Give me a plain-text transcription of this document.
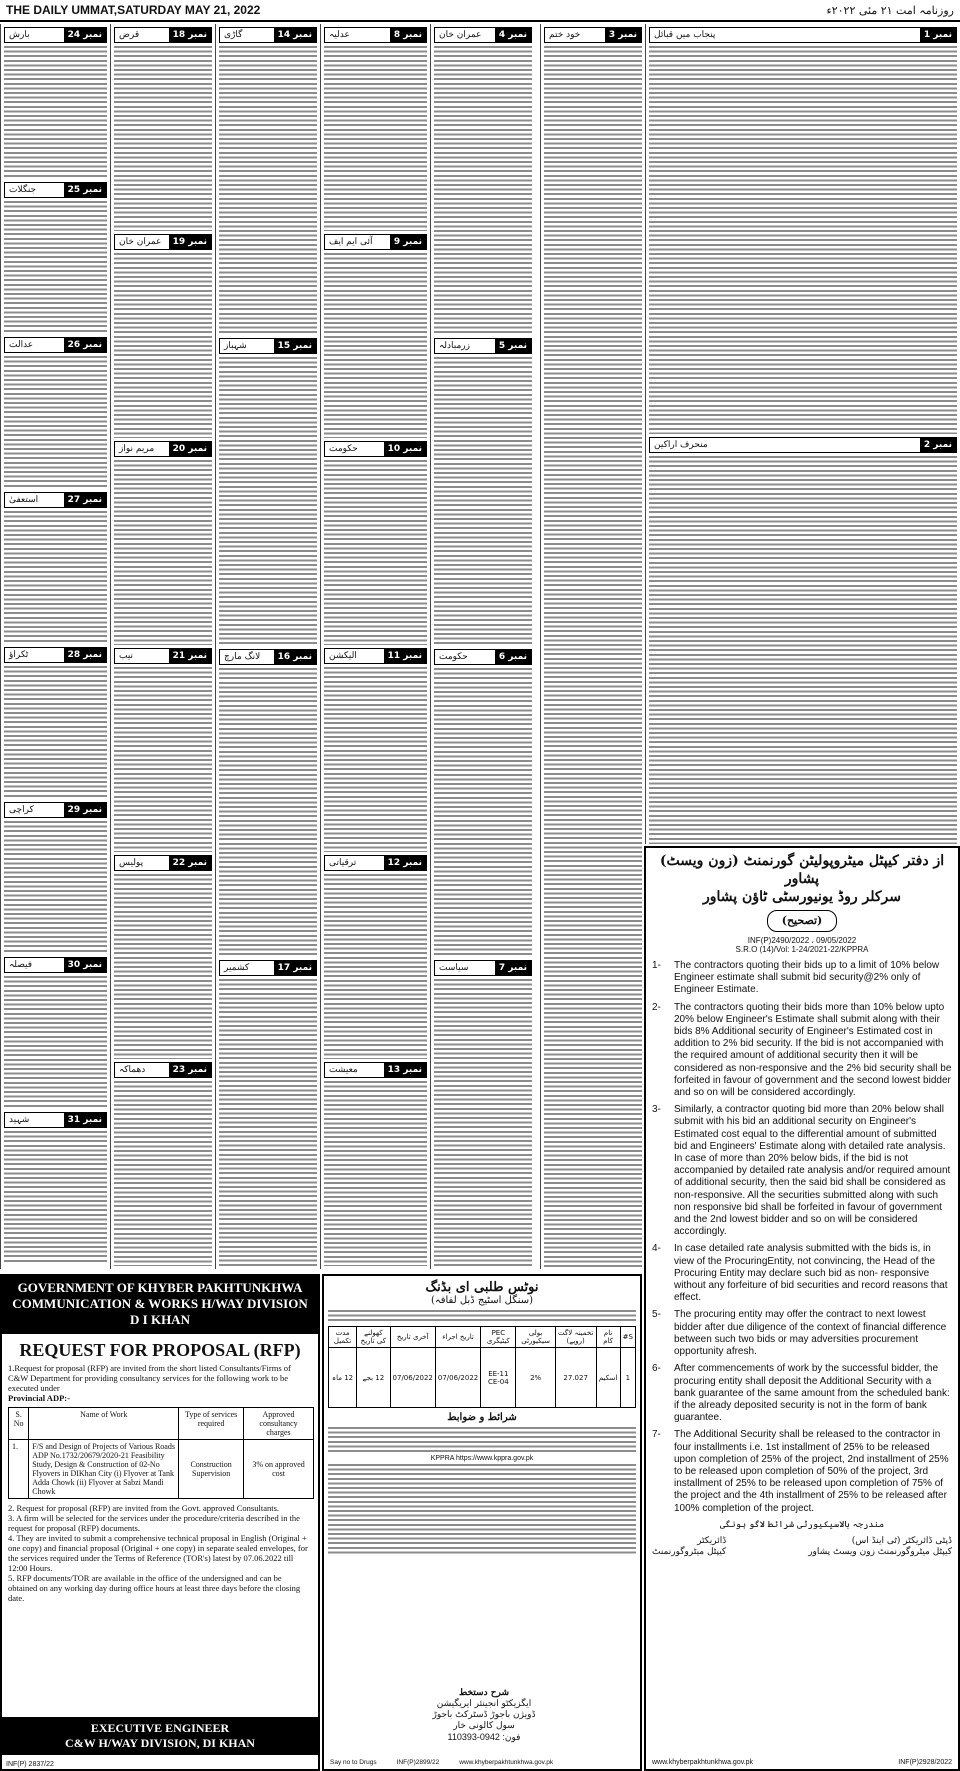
THE DAILY UMMAT,SATURDAY MAY 21, 2022	روزنامہ امت ۲۱ مئی ۲۰۲۲ء
پنجاب میں قبائل	نمبر 1
منحرف اراکین	نمبر 2
خود ختم	نمبر 3
عمران خان	نمبر 4
زرمبادلہ	نمبر 5
حکومت	نمبر 6
سیاست	نمبر 7
عدلیہ	نمبر 8
آئی ایم ایف	نمبر 9
حکومت	نمبر 10
الیکشن	نمبر 11
ترقیاتی	نمبر 12
معیشت	نمبر 13
گاڑی	نمبر 14
شہباز	نمبر 15
لانگ مارچ	نمبر 16
کشمیر	نمبر 17
قرض	نمبر 18
عمران خان	نمبر 19
مریم نواز	نمبر 20
نیب	نمبر 21
پولیس	نمبر 22
دھماکہ	نمبر 23
بارش	نمبر 24
جنگلات	نمبر 25
عدالت	نمبر 26
استعفیٰ	نمبر 27
ٹکراؤ	نمبر 28
کراچی	نمبر 29
فیصلہ	نمبر 30
شہید	نمبر 31
GOVERNMENT OF KHYBER PAKHTUNKHWA
COMMUNICATION & WORKS H/WAY DIVISION
D I KHAN
REQUEST FOR PROPOSAL (RFP)

1.Request for proposal (RFP) are invited from the short listed Consultants/Firms of C&W Department for providing consultancy services for the following work to be executed under

Provincial ADP:-

S. No	Name of Work	Type of services required	Approved consultancy charges
1.	F/S and Design of Projects of Various Roads ADP No.1732/20679/2020-21 Feasibility Study, Design & Construction of 02-No Flyovers in DIKhan City (i) Flyover at Tank Adda Chowk (ii) Flyover at Sabzi Mandi Chowk	Construction Supervision	3% on approved cost

2. Request for proposal (RFP) are invited from the Govt. approved Consultants.

3. A firm will be selected for the services under the procedure/criteria described in the request for proposal (RFP) documents.

4. They are invited to submit a comprehensive technical proposal in English (Original + one copy) and financial proposal (Original + one copy) in separate sealed envelopes, for the services required under the Terms of Reference (TOR's) latest by 07.06.2022 till 12:00 Hours.

5. RFP documents/TOR are available in the office of the undersigned and can be obtained on any working day during office hours at least three days before the closing date.

EXECUTIVE ENGINEER
C&W H/WAY DIVISION, DI KHAN
INF(P) 2837/22
نوٹس طلبی ای بڈنگ
(سنگل اسٹیج ڈبل لفافہ)
S#	نام کام	تخمینہ لاگت (روپے)	بولی سیکیورٹی	PEC کیٹیگری	تاریخ اجراء	آخری تاریخ	کھولنے کی تاریخ	مدت تکمیل
1	اسکیم	27.027	2%	EE-11 CE-04	07/06/2022	07/06/2022	12 بجے	12 ماہ
شرائط و ضوابط
KPPRA https://www.kppra.gov.pk
شرح دستخط
ایگزیکٹو انجینئر ایریگیشن
ڈویژن باجوڑ ڈسٹرکٹ باجوڑ
سول کالونی خار
فون: 0942-110393
Say no to Drugs	INF(P)2899/22	www.khyberpakhtunkhwa.gov.pk
از دفتر کیپٹل میٹروپولیٹن گورنمنٹ (زون ویسٹ)
پشاور
سرکلر روڈ یونیورسٹی ٹاؤن پشاور
(تصحیح)
INF(P)2490/2022 ، 09/05/2022
S.R.O (14)/Vol: 1-24/2021-22/KPPRA
1-	The contractors quoting their bids up to a limit of 10% below Engineer estimate shall submit bid security@2% only of Engineer Estimate.
2-	The contractors quoting their bids more than 10% below upto 20% below Engineer's Estimate shall submit along with their bids 8% Additional security of Engineer's Estimated cost in addition to 2% bid security. If the bid is not accompanied with the required amount of additional security then it will be considered as non-responsive and the 2% bid security shall be forfeited in favour of government and the second lowest bidder and so on will be considered accordingly.
3-	Similarly, a contractor quoting bid more than 20% below shall submit with his bid an additional security on Engineer's Estimated cost equal to the differential amount of submitted bid and Engineers' Estimate along with detailed rate analysis. In case of more than 20% below bids, if the bid is not accompanied by detailed rate analysis and/or required amount of additional security, then the said bid shall be considered as non-responsive. All the securities submitted along with such non responsive bid shall be forfeited in favour of government and the 2nd lowest bidder and so on will be considered accordingly.
4-	In case detailed rate analysis submitted with the bids is, in view of the ProcuringEntity, not convincing, the Head of the Procuring Entity may declare such bid as non- responsive without any forfeiture of bid securities and record reasons that effect.
5-	The procuring entity may offer the contract to next lowest bidder after due diligence of the context of financial difference between such two bids or may adversities procurement opportunity afresh.
6-	After commencements of work by the successful bidder, the procuring entity shall deposit the Additional Security with a bank guarantee of the same amount from the scheduled bank: if the already deposited security is not in the form of bank guarantee.
7-	The Additional Security shall be released to the contractor in four installments i.e. 1st installment of 25% to be released upon completion of 25% of the project, 2nd installment of 25% to be released upon completion of 50% of the project, 3rd installment of 25% to be released upon completion of 75% of the project and the 4th installment of 25% to be released after 100% completion of the project.
مندرجہ بالاسیکیورٹی شرائط لاگو ہونگی
ڈپٹی ڈائریکٹر (ٹی اینڈ اس)
کیپٹل میٹروگورنمنٹ زون ویسٹ پشاور
ڈائریکٹر
کیپٹل میٹروگورنمنٹ
www.khyberpakhtunkhwa.gov.pk	INF(P)2928/2022
